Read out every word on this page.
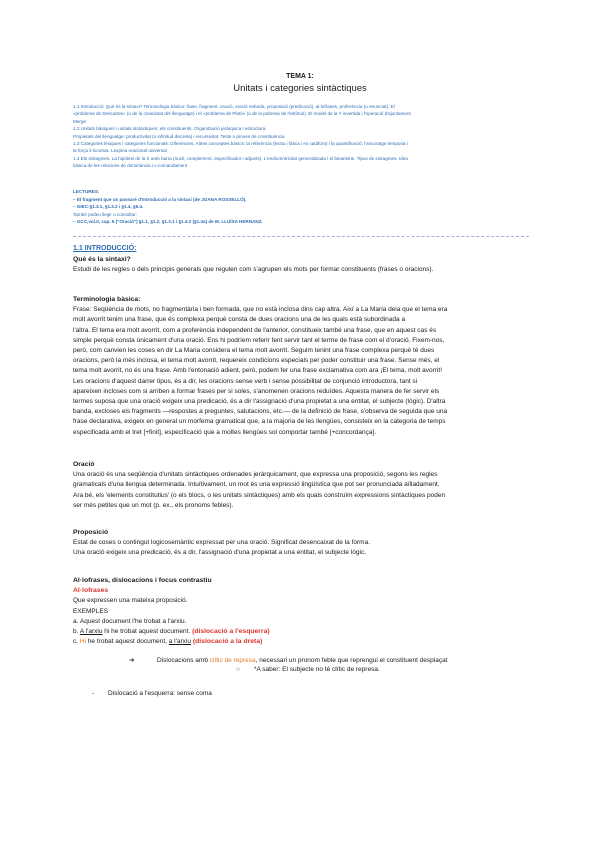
TEMA 1:
Unitats i categories sintàctiques

1.1 Introducció: Què és la sintaxi? Terminologia bàsica: frase, fragment, oració, oració reduïda, proposició (predicació), al·lofrases, proferència (o enunciat). El

«problema de Descartes» (o de la creativitat del llenguatge) i el «problema de Plató» (o de la pobresa de l'estímul). El model de la Y invertida i l'operació d'ajuntament

Merge

1.2 Unitats bàsiques i unitats sintàctiques: els constituents. Organització jeràrquica i estructura.

Propietats del llenguatge: productivitat (o infinitud discreta) i recursivitat. Tests o proves de constituència

1.3 Categories lèxiques i categories funcionals. Diferències. Altres conceptes bàsics: la referència (lectiu i fàtica i ex catàfora) i la quantificació; l'ancoratge temporal i

la força il·locutiva. Lexpina oracional universal

1.4 Els sintagmes. La hipòtesi de la X amb barra (nucli, complement, especificador i adjunts). L'endocentricitat generalitzada i el binarisme. Tipus de sintagmes. Idea

bàsica de les relacions de dominància i c-comandament

LECTURES:
– El fragment que us passaré d'Introducció a la sintaxi (de JOANA ROSSELLÓ).
– GIEC:§1.3.1, §1.3.2 i §1.4, §6.4.
També podeu llegir o consultar:
– GCC,vol.II, cap. 5 ("Oració") §1.1, §1.2, §1.3.1 i §1.3.2 (§1.4a) de M. LLUÏSA HERNANZ.
1.1 INTRODUCCIÓ:

Què és la sintaxi?

Estudi de les regles o dels principis generals que regulen com s'agrupen els mots per formar constituents (frases o oracions).

Terminologia bàsica:

Frase: Seqüència de mots, no fragmentària i ben formada, que no està inclosa dins cap altra. Així a La Maria deia que el tema era

molt avorrit tenim una frase, que és complexa perquè consta de dues oracions una de les quals està subordinada a

l'altra. El tema era molt avorrit, com a proferència independent de l'anterior, constitueix també una frase, que en aquest cas és

simple perquè consta únicament d'una oració. Ens hi podríem referir fent servir tant el terme de frase com el d'oració. Fixem-nos,

però, com canvien les coses en dir La Maria considera el tema molt avorrit. Seguim tenint una frase complexa perquè té dues

oracions, però la més inclosa, el tema molt avorrit, requereix condicions especials per poder constituir una frase. Sense més, el

tema molt avorrit, no és una frase. Amb l'entonació adient, però, podem fer una frase exclamativa com ara ¡El tema, molt avorrit!

Les oracions d'aquest darrer tipus, és a dir, les oracions sense verb i sense possibilitat de conjunció introductora, tant si

apareixen incloses com si arriben a formar frases per si soles, s'anomenen oracions reduïdes. Aquesta manera de fer servir els

termes suposa que una oració exigeix una predicació, és a dir l'assignació d'una propietat a una entitat, el subjecte (lògic). D'altra

banda, excloses els fragments —respostes a preguntes, salutacions, etc.— de la definició de frase, s'observa de seguida que una

frase declarativa, exigeix en general un morfema gramatical que, a la majoria de les llengües, consisteix en la categoria de temps

especificada amb el tret [+finit], especificació que a moltes llengües sol comportar també [+concordança].

Oració

Una oració és una seqüència d'unitats sintàctiques ordenades jeràrquicament, que expressa una proposició, segons les regles

gramaticals d'una llengua determinada. Intuïtivament, un mot és una expressió lingüística que pot ser pronunciada aïlladament.

Ara bé, els 'elements constitutius' (o els blocs, o les unitats sintàctiques) amb els quals construïm expressions sintàctiques poden

ser més petites que un mot (p. ex., els pronoms febles).

Proposició

Estat de coses o contingut logicosemàntic expressat per una oració. Significat desencaixat de la forma.

Una oració exigeix una predicació, és a dir, l'assignació d'una propietat a una entitat, el subjecte lògic.

Al·lofrases, dislocacions i focus contrastiu

Al·lofrases

Que expressen una mateixa proposició.

EXEMPLES

a. Aquest document l'he trobat a l'arxiu.

b. A l'arxiu hi he trobat aquest document. (dislocació a l'esquerra)

c. Hi he trobat aquest document, a l'arxiu (dislocació a la dreta)

➔	Dislocacions amb clític de represa, necessari un pronom feble que reprengui el constituent desplaçat
○ *A saber: El subjecte no té clític de represa.
- Dislocació a l'esquerra: sense coma
